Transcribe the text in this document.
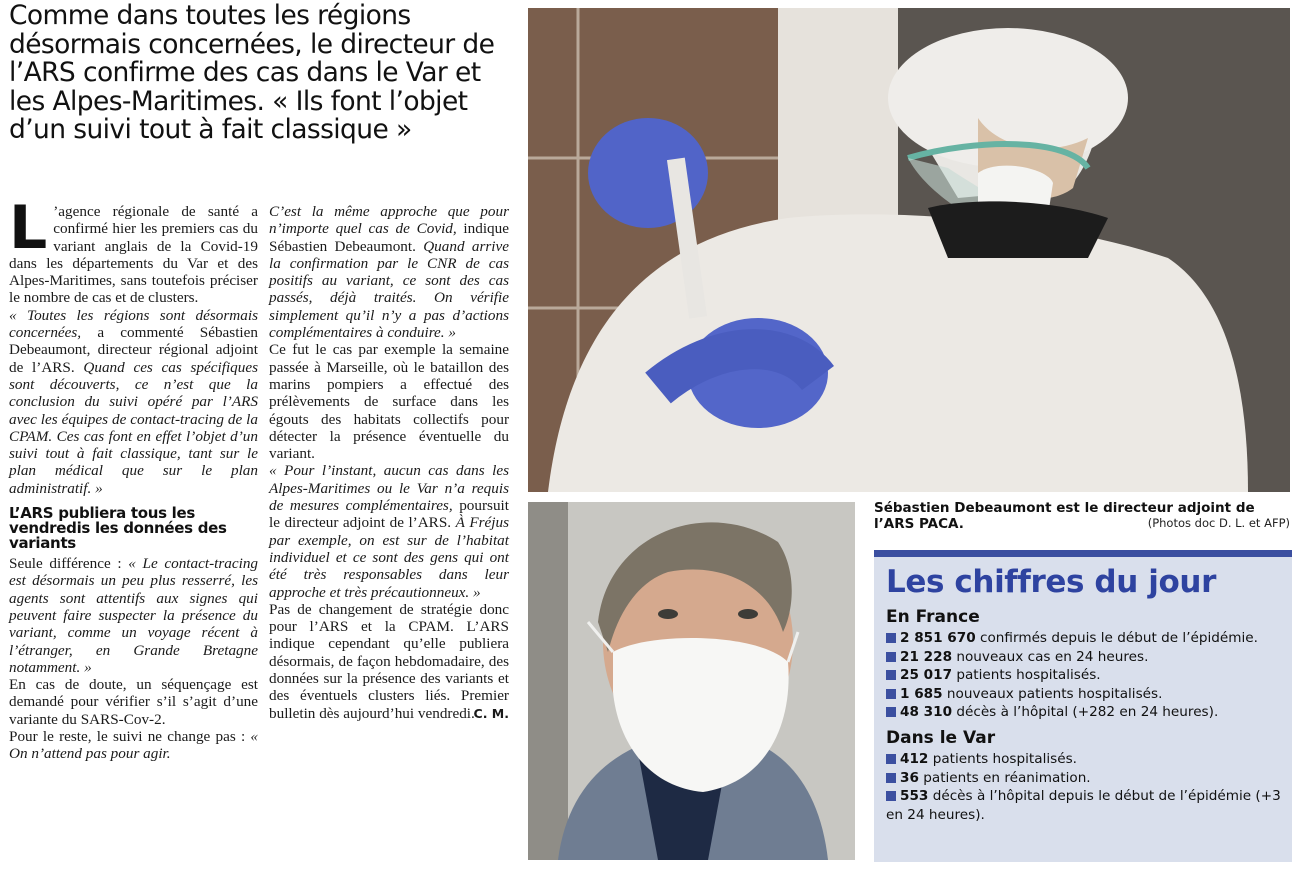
Comme dans toutes les régions désormais concernées, le directeur de l’ARS confirme des cas dans le Var et les Alpes-Maritimes. « Ils font l’objet d’un suivi tout à fait classique »

L ’agence régionale de santé a confirmé hier les premiers cas du variant anglais de la Covid-19 dans les départements du Var et des Alpes-Maritimes, sans toutefois préciser le nombre de cas et de clusters.

« Toutes les régions sont désormais concernées, a commenté Sébastien Debeaumont, directeur régional adjoint de l’ARS. Quand ces cas spécifiques sont découverts, ce n’est que la conclusion du suivi opéré par l’ARS avec les équipes de contact-tracing de la CPAM. Ces cas font en effet l’objet d’un suivi tout à fait classique, tant sur le plan médical que sur le plan administratif. »

L’ARS publiera tous les vendredis les données des variants

Seule différence : « Le contact-tracing est désormais un peu plus resserré, les agents sont attentifs aux signes qui peuvent faire suspecter la présence du variant, comme un voyage récent à l’étranger, en Grande Bretagne notamment. »

En cas de doute, un séquençage est demandé pour vérifier s’il s’agit d’une variante du SARS-Cov-2.

Pour le reste, le suivi ne change pas : « On n’attend pas pour agir.

C’est la même approche que pour n’importe quel cas de Covid, indique Sébastien Debeaumont. Quand arrive la confirmation par le CNR de cas positifs au variant, ce sont des cas passés, déjà traités. On vérifie simplement qu’il n’y a pas d’actions complémentaires à conduire. »

Ce fut le cas par exemple la semaine passée à Marseille, où le bataillon des marins pompiers a effectué des prélèvements de surface dans les égouts des habitats collectifs pour détecter la présence éventuelle du variant.

« Pour l’instant, aucun cas dans les Alpes-Maritimes ou le Var n’a requis de mesures complémentaires, poursuit le directeur adjoint de l’ARS. À Fréjus par exemple, on est sur de l’habitat individuel et ce sont des gens qui ont été très responsables dans leur approche et très précautionneux. »

Pas de changement de stratégie donc pour l’ARS et la CPAM. L’ARS indique cependant qu’elle publiera désormais, de façon hebdomadaire, des données sur la présence des variants et des éventuels clusters liés. Premier bulletin dès aujourd’hui vendredi.

C. M.
Sébastien Debeaumont est le directeur adjoint de l’ARS PACA.	(Photos doc D. L. et AFP)
Les chiffres du jour
En France
2 851 670 confirmés depuis le début de l’épidémie.
21 228 nouveaux cas en 24 heures.
25 017 patients hospitalisés.
1 685 nouveaux patients hospitalisés.
48 310 décès à l’hôpital (+282 en 24 heures).
Dans le Var
412 patients hospitalisés.
36 patients en réanimation.
553 décès à l’hôpital depuis le début de l’épidémie (+3 en 24 heures).
